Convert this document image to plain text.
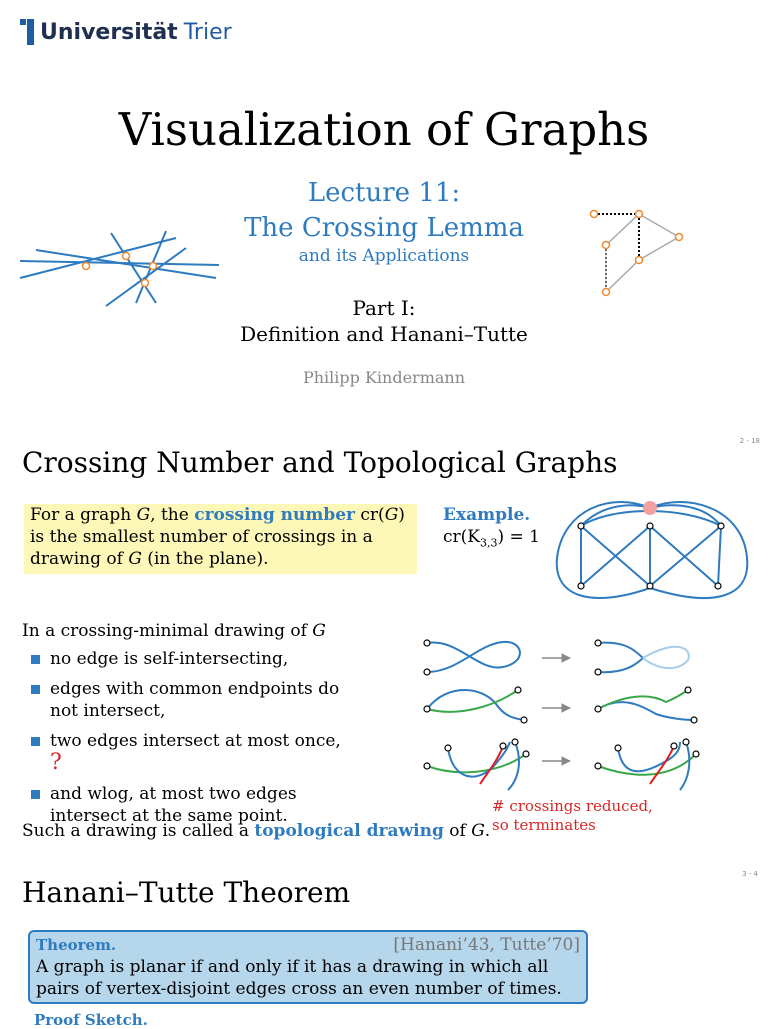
Universität Trier
Visualization of Graphs
Lecture 11:
The Crossing Lemma
and its Applications
Part I:
Definition and Hanani–Tutte
Philipp Kindermann
2 - 18
Crossing Number and Topological Graphs

For a graph G, the crossing number cr(G) is the smallest number of crossings in a drawing of G (in the plane).

Example.
$cr(K_{3,3}) = 1$
In a crossing-minimal drawing of G
no edge is self-intersecting,
edges with common endpoints do not intersect,
two edges intersect at most once, ?
and wlog, at most two edges intersect at the same point.
Such a drawing is called a topological drawing of G.
# crossings reduced,
so terminates
3 - 4
Hanani–Tutte Theorem
Theorem.	[Hanani’43, Tutte’70]
A graph is planar if and only if it has a drawing in which all pairs of vertex-disjoint edges cross an even number of times.
Proof Sketch.
